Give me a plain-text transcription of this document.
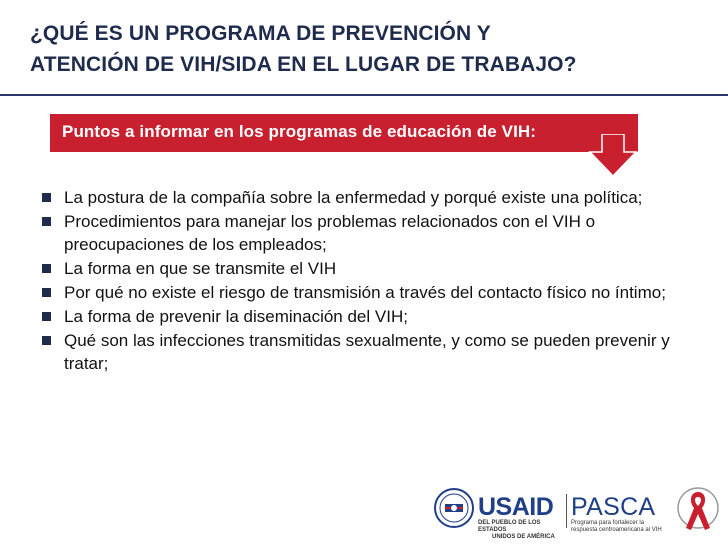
¿QUÉ ES UN PROGRAMA DE PREVENCIÓN Y
ATENCIÓN DE VIH/SIDA EN EL LUGAR DE TRABAJO?
Puntos a informar en los programas de educación de VIH:
La postura de la compañía sobre la enfermedad y porqué existe una política;
Procedimientos para manejar los problemas relacionados con el VIH o preocupaciones de los empleados;
La forma en que se transmite el VIH
Por qué no existe el riesgo de transmisión a través del contacto físico no íntimo;
La forma de prevenir la diseminación del VIH;
Qué son las infecciones transmitidas sexualmente, y como se pueden prevenir y tratar;
USAID
DEL PUEBLO DE LOS ESTADOS
UNIDOS DE AMÉRICA
PASCA
Programa para fortalecer la
respuesta centroamericana al VIH
